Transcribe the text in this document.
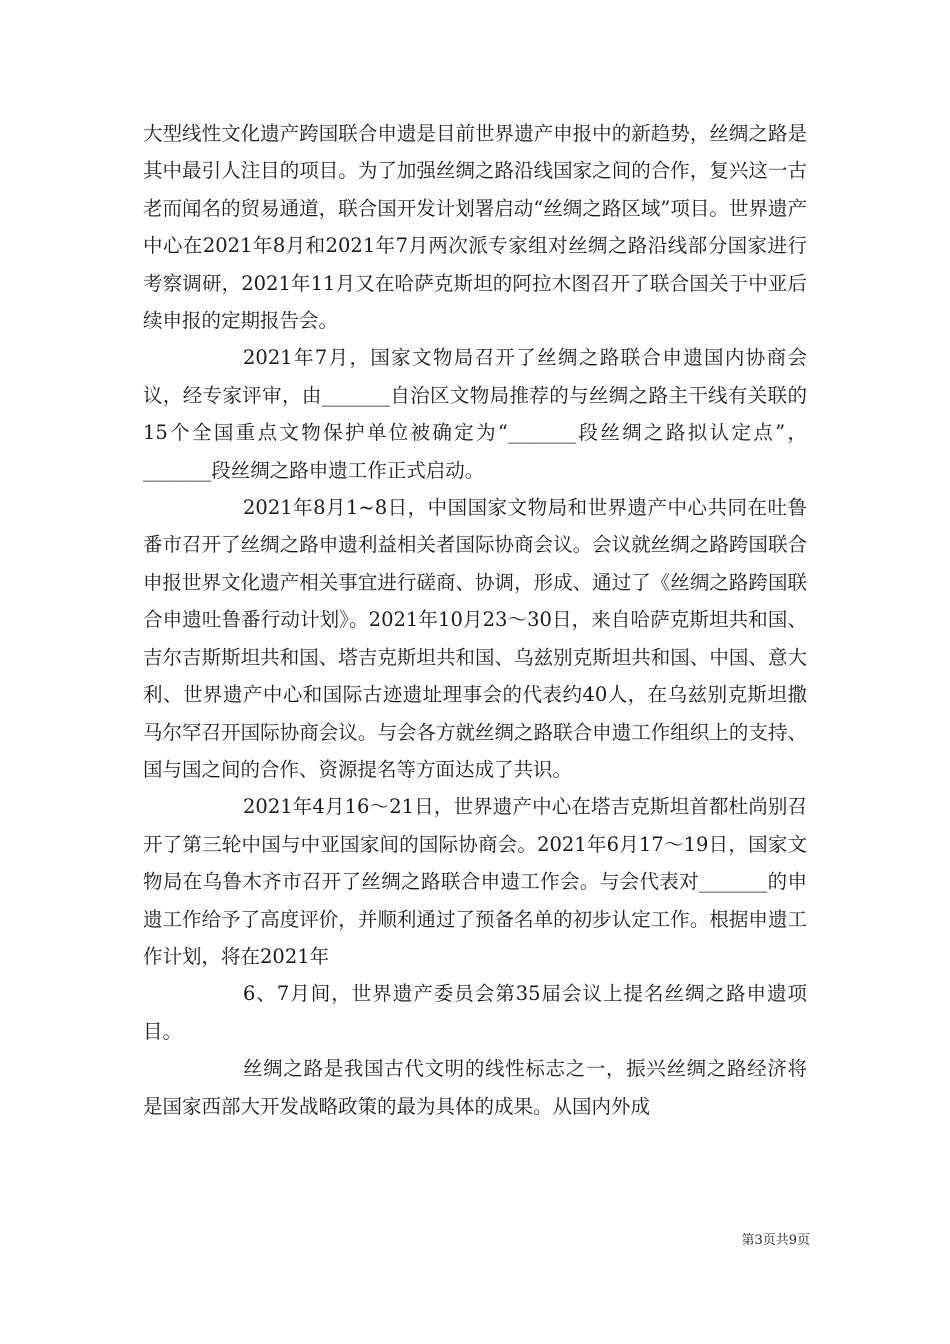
大型线性文化遗产跨国联合申遗是目前世界遗产申报中的新趋势，丝绸之路是其中最引人注目的项目。为了加强丝绸之路沿线国家之间的合作，复兴这一古老而闻名的贸易通道，联合国开发计划署启动“丝绸之路区域”项目。世界遗产中心在2021年8月和2021年7月两次派专家组对丝绸之路沿线部分国家进行考察调研，2021年11月又在哈萨克斯坦的阿拉木图召开了联合国关于中亚后续申报的定期报告会。

2021年7月，国家文物局召开了丝绸之路联合申遗国内协商会议，经专家评审，由_______自治区文物局推荐的与丝绸之路主干线有关联的15个全国重点文物保护单位被确定为“_______段丝绸之路拟认定点”，_______段丝绸之路申遗工作正式启动。

2021年8月1~8日，中国国家文物局和世界遗产中心共同在吐鲁番市召开了丝绸之路申遗利益相关者国际协商会议。会议就丝绸之路跨国联合申报世界文化遗产相关事宜进行磋商、协调，形成、通过了《丝绸之路跨国联合申遗吐鲁番行动计划》。2021年10月23～30日，来自哈萨克斯坦共和国、吉尔吉斯斯坦共和国、塔吉克斯坦共和国、乌兹别克斯坦共和国、中国、意大利、世界遗产中心和国际古迹遗址理事会的代表约40人，在乌兹别克斯坦撒马尔罕召开国际协商会议。与会各方就丝绸之路联合申遗工作组织上的支持、国与国之间的合作、资源提名等方面达成了共识。

2021年4月16～21日，世界遗产中心在塔吉克斯坦首都杜尚别召开了第三轮中国与中亚国家间的国际协商会。2021年6月17～19日，国家文物局在乌鲁木齐市召开了丝绸之路联合申遗工作会。与会代表对_______的申遗工作给予了高度评价，并顺利通过了预备名单的初步认定工作。根据申遗工作计划，将在2021年

6、7月间，世界遗产委员会第35届会议上提名丝绸之路申遗项目。

丝绸之路是我国古代文明的线性标志之一，振兴丝绸之路经济将是国家西部大开发战略政策的最为具体的成果。从国内外成

第3页共9页
